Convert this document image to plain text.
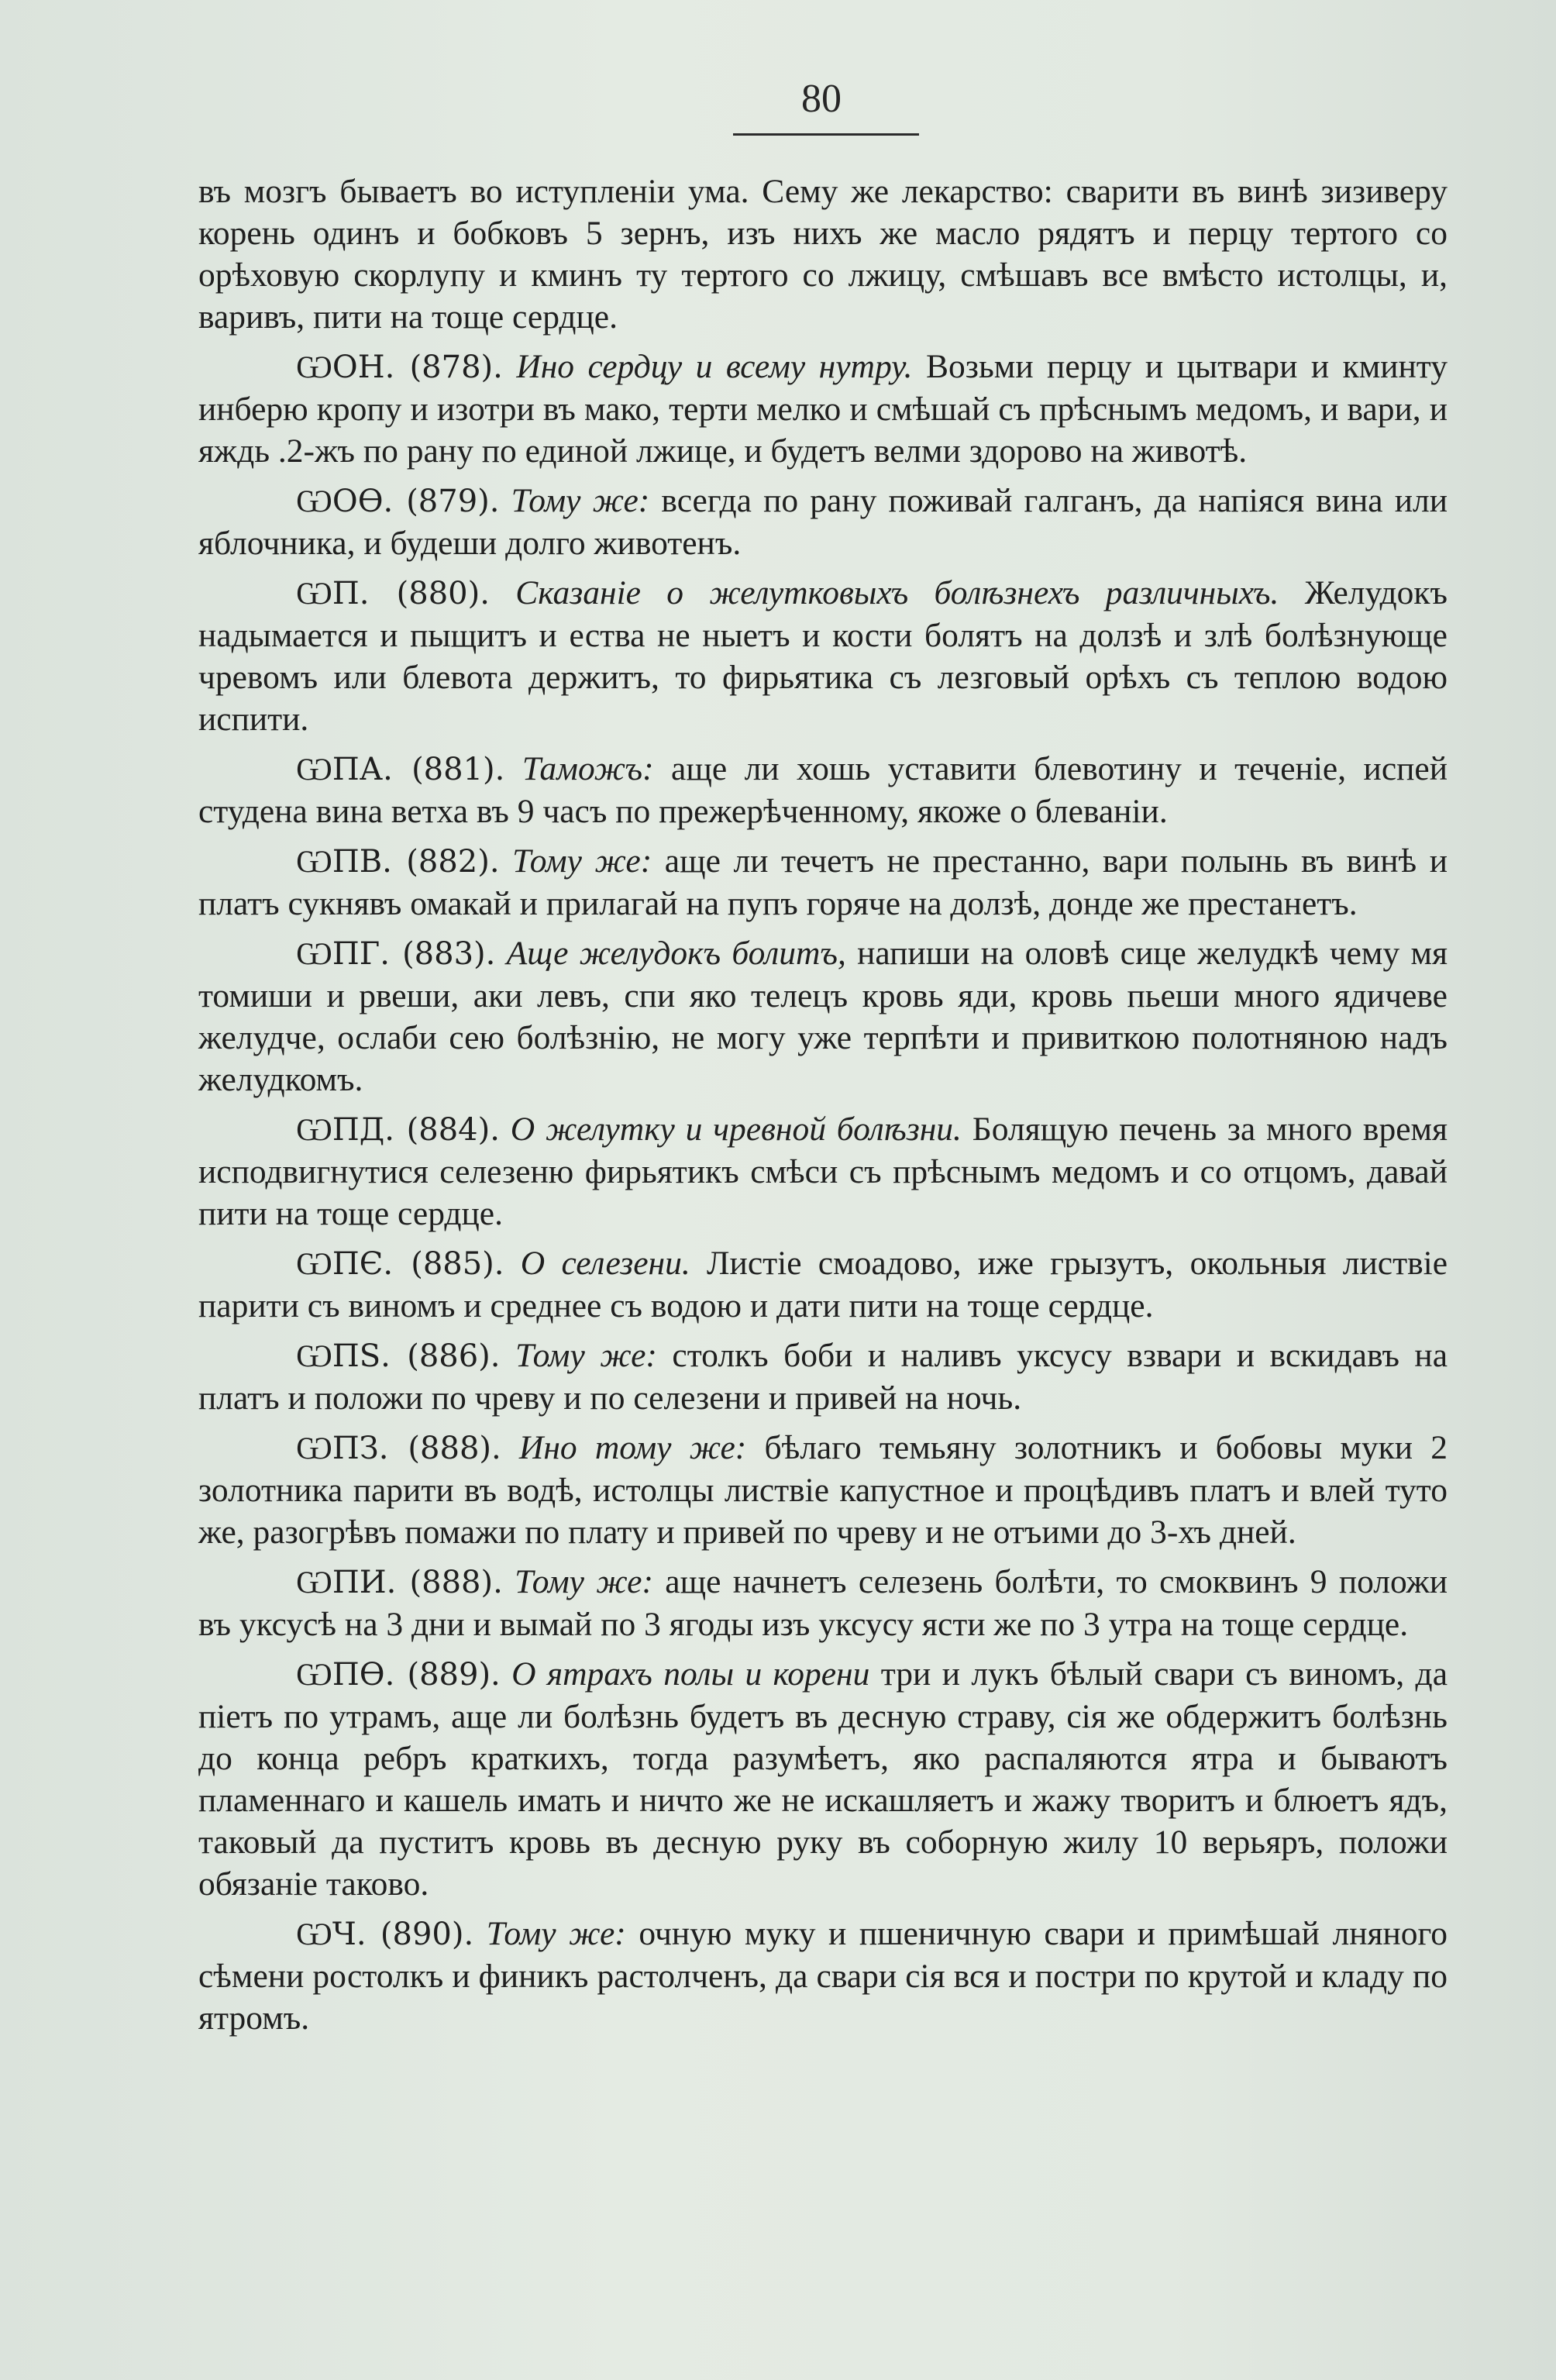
80

въ мозгъ бываетъ во иступленіи ума. Сему же лекарство: сварити въ винѣ зизиверу корень одинъ и бобковъ 5 зернъ, изъ нихъ же масло рядятъ и перцу тертого со орѣховую скорлупу и кминъ ту тертого со лжицу, смѣшавъ все вмѣсто истолцы, и, варивъ, пити на тоще сердце.

ѠОН. (878). Ино сердцу и всему нутру. Возьми перцу и цытвари и кминту инберю кропу и изотри въ мако, терти мелко и смѣшай съ прѣснымъ медомъ, и вари, и яждь .2-жъ по рану по единой лжице, и будетъ велми здорово на животѣ.

ѠОѲ. (879). Тому же: всегда по рану поживай галганъ, да напіяся вина или яблочника, и будеши долго животенъ.

ѠП. (880). Сказаніе о желутковыхъ болѣзнехъ различныхъ. Желудокъ надымается и пыщитъ и ества не ныетъ и кости болятъ на долзѣ и злѣ болѣзнующе чревомъ или блевота держитъ, то фирьятика съ лезговый орѣхъ съ теплою водою испити.

ѠПА. (881). Таможъ: аще ли хошь уставити блевотину и теченіе, испей студена вина ветха въ 9 часъ по прежерѣченному, якоже о блеваніи.

ѠПВ. (882). Тому же: аще ли течетъ не престанно, вари полынь въ винѣ и платъ сукнявъ омакай и прилагай на пупъ горяче на долзѣ, донде же престанетъ.

ѠПГ. (883). Аще желудокъ болитъ, напиши на оловѣ сице желудкѣ чему мя томиши и рвеши, аки левъ, спи яко телецъ кровь яди, кровь пьеши много ядичеве желудче, ослаби сею болѣзнію, не могу уже терпѣти и привиткою полотняною надъ желудкомъ.

ѠПД. (884). О желутку и чревной болѣзни. Болящую печень за много время исподвигнутися селезеню фирьятикъ смѣси съ прѣснымъ медомъ и со отцомъ, давай пити на тоще сердце.

ѠПЄ. (885). О селезени. Листіе смоадово, иже грызутъ, окольныя листвіе парити съ виномъ и среднее съ водою и дати пити на тоще сердце.

ѠПЅ. (886). Тому же: столкъ боби и наливъ уксусу взвари и вскидавъ на платъ и положи по чреву и по селезени и привей на ночь.

ѠПЗ. (888). Ино тому же: бѣлаго темьяну золотникъ и бобовы муки 2 золотника парити въ водѣ, истолцы листвіе капустное и процѣдивъ платъ и влей туто же, разогрѣвъ помажи по плату и привей по чреву и не отъими до 3-хъ дней.

ѠПИ. (888). Тому же: аще начнетъ селезень болѣти, то смоквинъ 9 положи въ уксусѣ на 3 дни и вымай по 3 ягоды изъ уксусу ясти же по 3 утра на тоще сердце.

ѠПѲ. (889). О ятрахъ полы и корени три и лукъ бѣлый свари съ виномъ, да піетъ по утрамъ, аще ли болѣзнь будетъ въ десную страву, сія же обдержитъ болѣзнь до конца ребръ краткихъ, тогда разумѣетъ, яко распаляются ятра и бываютъ пламеннаго и кашель имать и ничто же не искашляетъ и жажу творитъ и блюетъ ядъ, таковый да пуститъ кровь въ десную руку въ соборную жилу 10 верьяръ, положи обязаніе таково.

ѠЧ. (890). Тому же: очную муку и пшеничную свари и примѣшай лняного сѣмени ростолкъ и финикъ растолченъ, да свари сія вся и постри по крутой и кладу по ятромъ.
